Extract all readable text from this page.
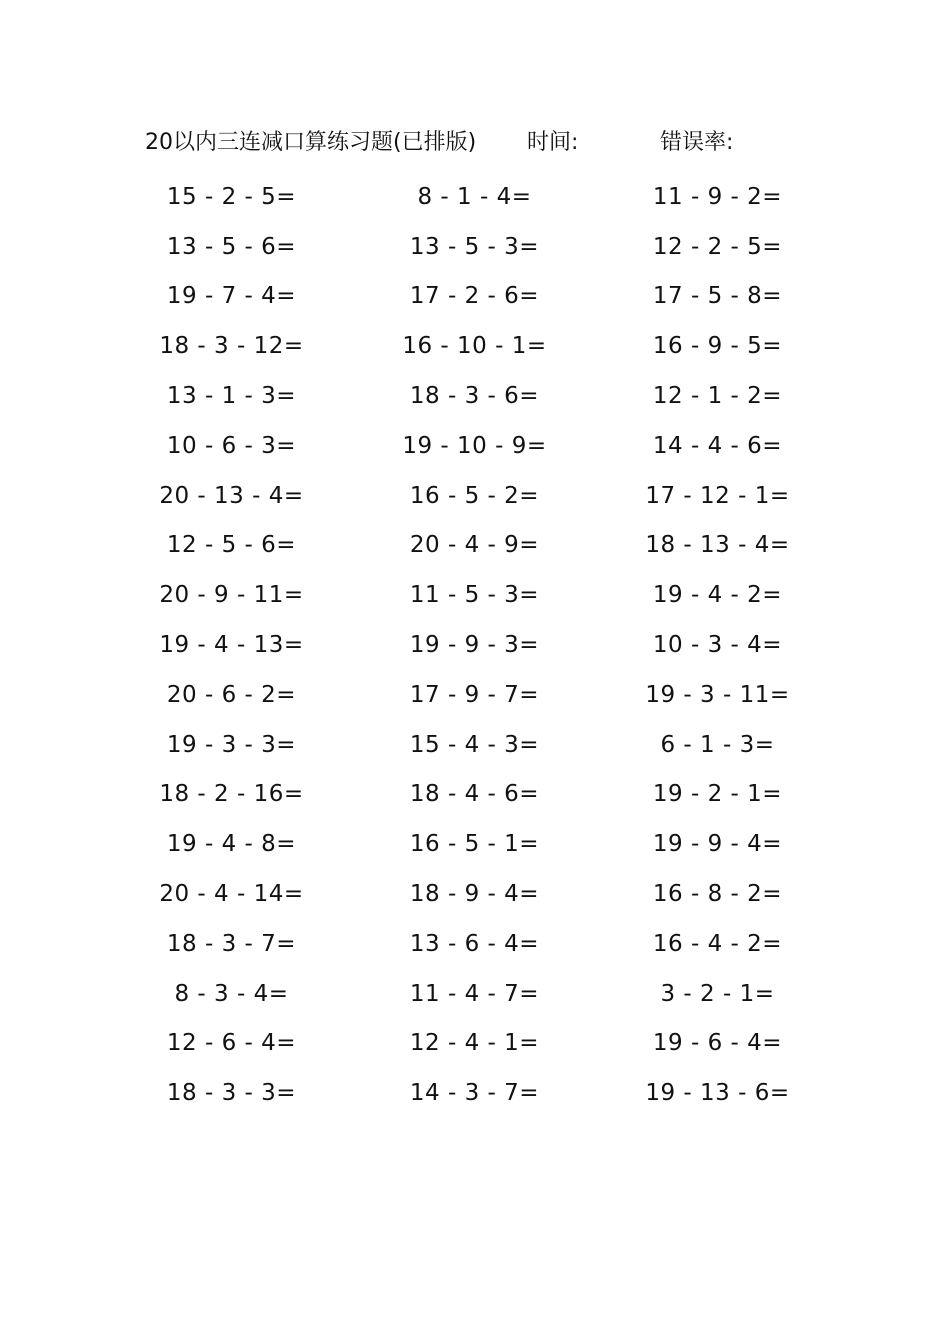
20以内三连减口算练习题(已排版) 时间:	错误率:
15 - 2 - 5=	8 - 1 - 4=	11 - 9 - 2=
13 - 5 - 6=	13 - 5 - 3=	12 - 2 - 5=
19 - 7 - 4=	17 - 2 - 6=	17 - 5 - 8=
18 - 3 - 12=	16 - 10 - 1=	16 - 9 - 5=
13 - 1 - 3=	18 - 3 - 6=	12 - 1 - 2=
10 - 6 - 3=	19 - 10 - 9=	14 - 4 - 6=
20 - 13 - 4=	16 - 5 - 2=	17 - 12 - 1=
12 - 5 - 6=	20 - 4 - 9=	18 - 13 - 4=
20 - 9 - 11=	11 - 5 - 3=	19 - 4 - 2=
19 - 4 - 13=	19 - 9 - 3=	10 - 3 - 4=
20 - 6 - 2=	17 - 9 - 7=	19 - 3 - 11=
19 - 3 - 3=	15 - 4 - 3=	6 - 1 - 3=
18 - 2 - 16=	18 - 4 - 6=	19 - 2 - 1=
19 - 4 - 8=	16 - 5 - 1=	19 - 9 - 4=
20 - 4 - 14=	18 - 9 - 4=	16 - 8 - 2=
18 - 3 - 7=	13 - 6 - 4=	16 - 4 - 2=
8 - 3 - 4=	11 - 4 - 7=	3 - 2 - 1=
12 - 6 - 4=	12 - 4 - 1=	19 - 6 - 4=
18 - 3 - 3=	14 - 3 - 7=	19 - 13 - 6=
